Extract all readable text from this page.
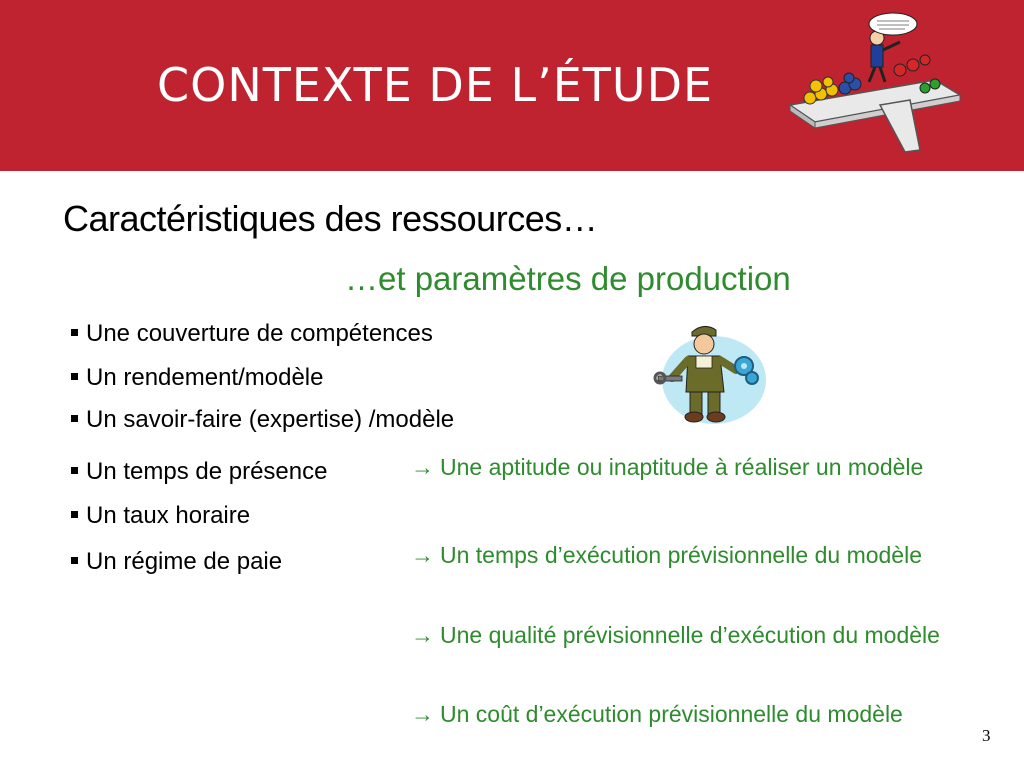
CONTEXTE DE L’ÉTUDE
Caractéristiques des ressources…
…et paramètres de production
Une couverture de compétences
Un rendement/modèle
Un savoir-faire (expertise) /modèle
Un temps de présence
Un taux horaire
Un régime de paie
→ Une aptitude ou inaptitude à réaliser un modèle
→ Un temps d’exécution prévisionnelle du modèle
→ Une qualité prévisionnelle d’exécution du modèle
→ Un coût d’exécution prévisionnelle du modèle
3
